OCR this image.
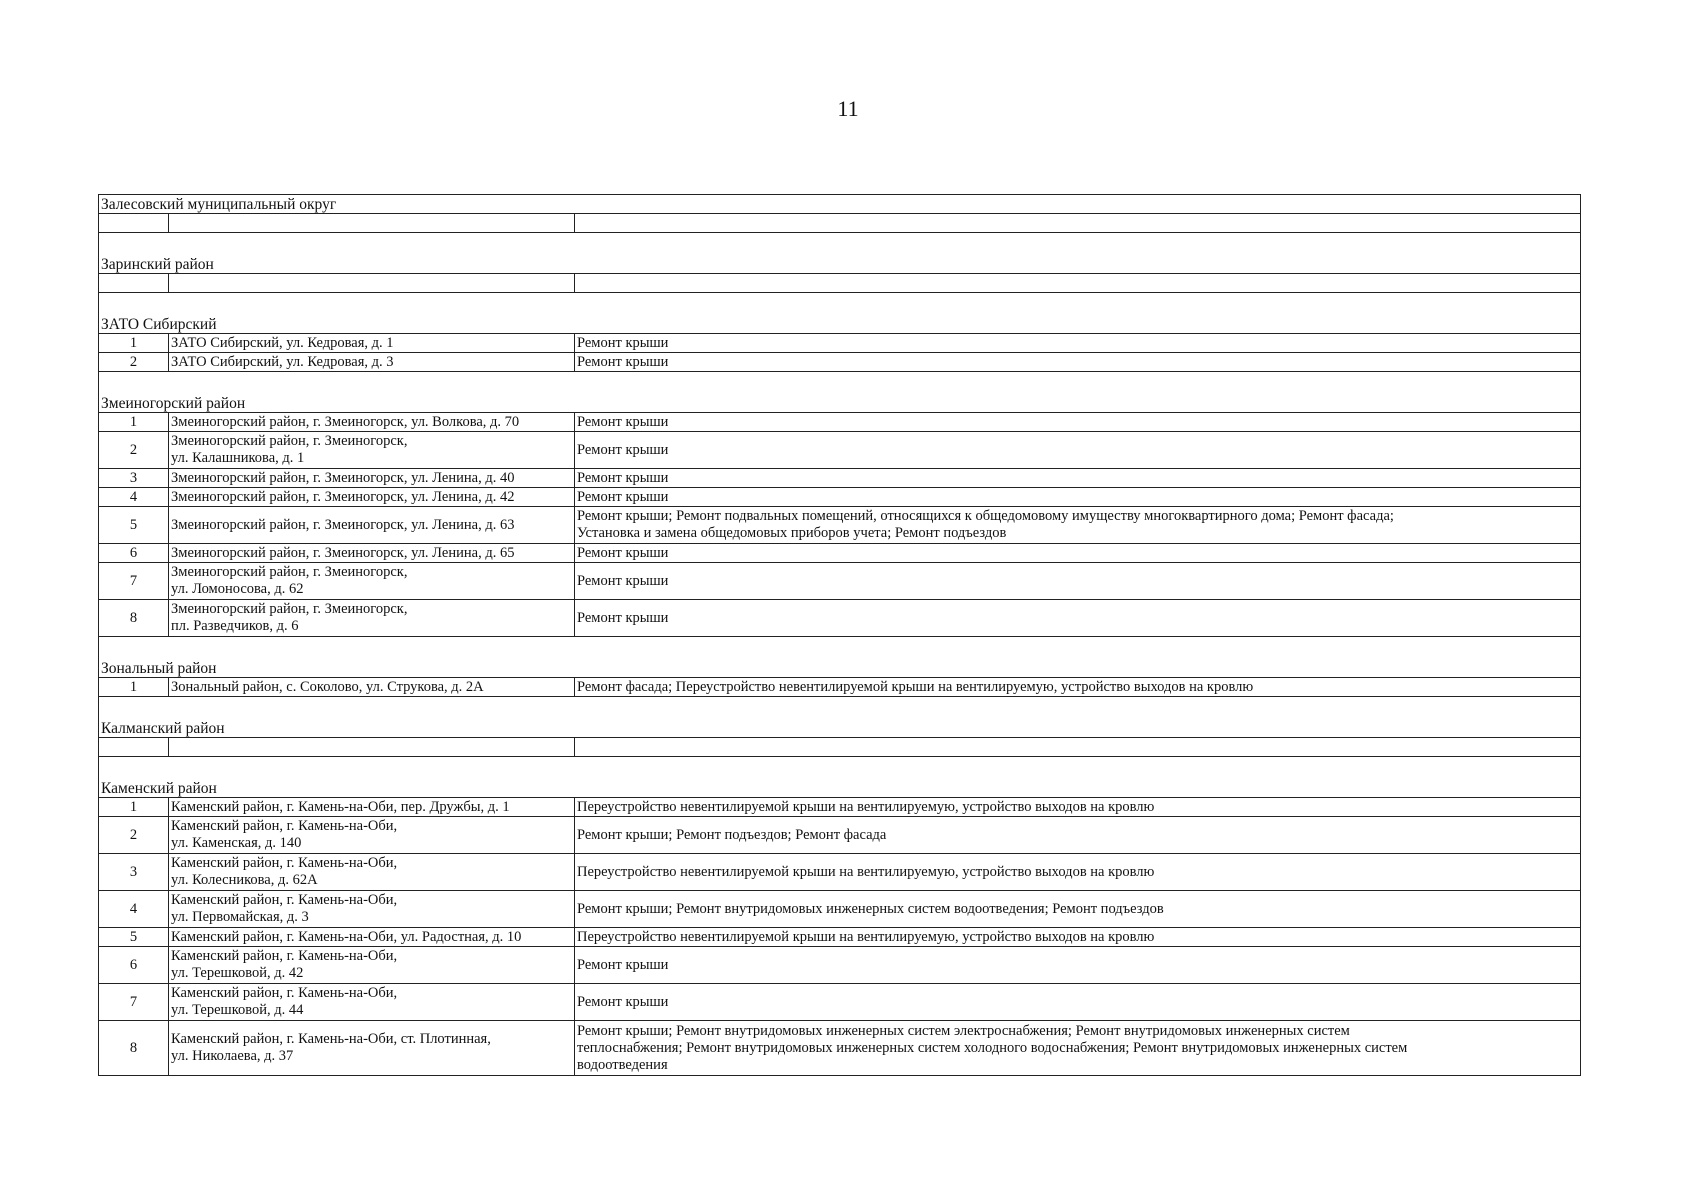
11
Залесовский муниципальный округ		

Заринский район		

ЗАТО Сибирский		
1	ЗАТО Сибирский, ул. Кедровая, д. 1	Ремонт крыши

2	ЗАТО Сибирский, ул. Кедровая, д. 3	Ремонт крыши

Змеиногорский район		
1	Змеиногорский район, г. Змеиногорск, ул. Волкова, д. 70	Ремонт крыши

2	Змеиногорский район, г. Змеиногорск,
ул. Калашникова, д. 1	Ремонт крыши

3	Змеиногорский район, г. Змеиногорск, ул. Ленина, д. 40	Ремонт крыши

4	Змеиногорский район, г. Змеиногорск, ул. Ленина, д. 42	Ремонт крыши

5	Змеиногорский район, г. Змеиногорск, ул. Ленина, д. 63	Ремонт крыши; Ремонт подвальных помещений, относящихся к общедомовому имуществу многоквартирного дома; Ремонт фасада;
Установка и замена общедомовых приборов учета; Ремонт подъездов

6	Змеиногорский район, г. Змеиногорск, ул. Ленина, д. 65	Ремонт крыши

7	Змеиногорский район, г. Змеиногорск,
ул. Ломоносова, д. 62	Ремонт крыши

8	Змеиногорский район, г. Змеиногорск,
пл. Разведчиков, д. 6	Ремонт крыши

Зональный район		
1	Зональный район, с. Соколово, ул. Струкова, д. 2А	Ремонт фасада; Переустройство невентилируемой крыши на вентилируемую, устройство выходов на кровлю

Калманский район		

Каменский район		
1	Каменский район, г. Камень-на-Оби, пер. Дружбы, д. 1	Переустройство невентилируемой крыши на вентилируемую, устройство выходов на кровлю

2	Каменский район, г. Камень-на-Оби,
ул. Каменская, д. 140	Ремонт крыши; Ремонт подъездов; Ремонт фасада

3	Каменский район, г. Камень-на-Оби,
ул. Колесникова, д. 62А	Переустройство невентилируемой крыши на вентилируемую, устройство выходов на кровлю

4	Каменский район, г. Камень-на-Оби,
ул. Первомайская, д. 3	Ремонт крыши; Ремонт внутридомовых инженерных систем водоотведения; Ремонт подъездов

5	Каменский район, г. Камень-на-Оби, ул. Радостная, д. 10	Переустройство невентилируемой крыши на вентилируемую, устройство выходов на кровлю

6	Каменский район, г. Камень-на-Оби,
ул. Терешковой, д. 42	Ремонт крыши

7	Каменский район, г. Камень-на-Оби,
ул. Терешковой, д. 44	Ремонт крыши

8	Каменский район, г. Камень-на-Оби, ст. Плотинная,
ул. Николаева, д. 37	Ремонт крыши; Ремонт внутридомовых инженерных систем электроснабжения; Ремонт внутридомовых инженерных систем
теплоснабжения; Ремонт внутридомовых инженерных систем холодного водоснабжения; Ремонт внутридомовых инженерных систем
водоотведения
